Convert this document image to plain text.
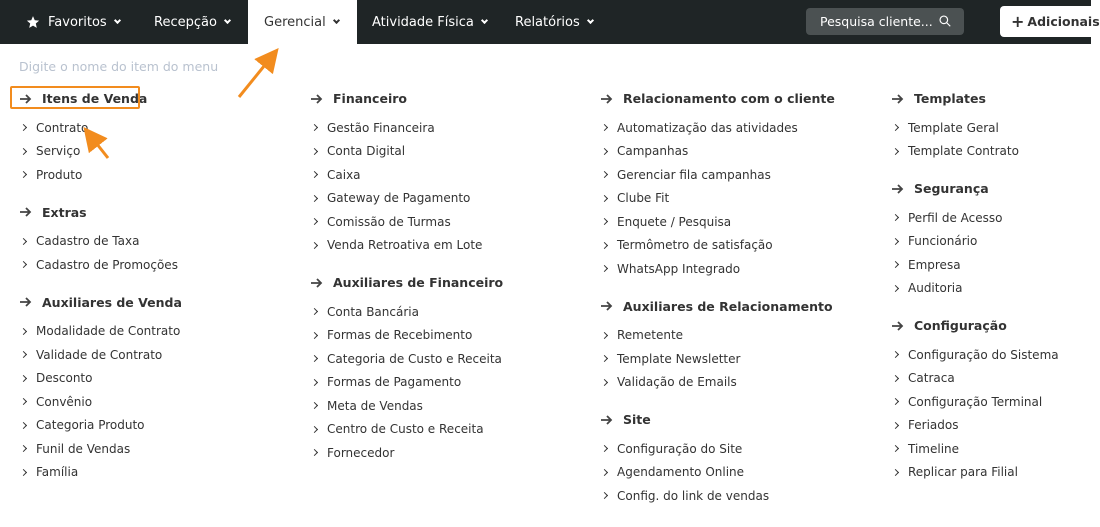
Favoritos	Recepção	Gerencial	Atividade Física	Relatórios	Pesquisa cliente...	+ Adicionais
Digite o nome do item do menu
Itens de Venda
Contrato
Serviço
Produto
Extras
Cadastro de Taxa
Cadastro de Promoções
Auxiliares de Venda
Modalidade de Contrato
Validade de Contrato
Desconto
Convênio
Categoria Produto
Funil de Vendas
Família
Financeiro
Gestão Financeira
Conta Digital
Caixa
Gateway de Pagamento
Comissão de Turmas
Venda Retroativa em Lote
Auxiliares de Financeiro
Conta Bancária
Formas de Recebimento
Categoria de Custo e Receita
Formas de Pagamento
Meta de Vendas
Centro de Custo e Receita
Fornecedor
Relacionamento com o cliente
Automatização das atividades
Campanhas
Gerenciar fila campanhas
Clube Fit
Enquete / Pesquisa
Termômetro de satisfação
WhatsApp Integrado
Auxiliares de Relacionamento
Remetente
Template Newsletter
Validação de Emails
Site
Configuração do Site
Agendamento Online
Config. do link de vendas
Templates
Template Geral
Template Contrato
Segurança
Perfil de Acesso
Funcionário
Empresa
Auditoria
Configuração
Configuração do Sistema
Catraca
Configuração Terminal
Feriados
Timeline
Replicar para Filial
